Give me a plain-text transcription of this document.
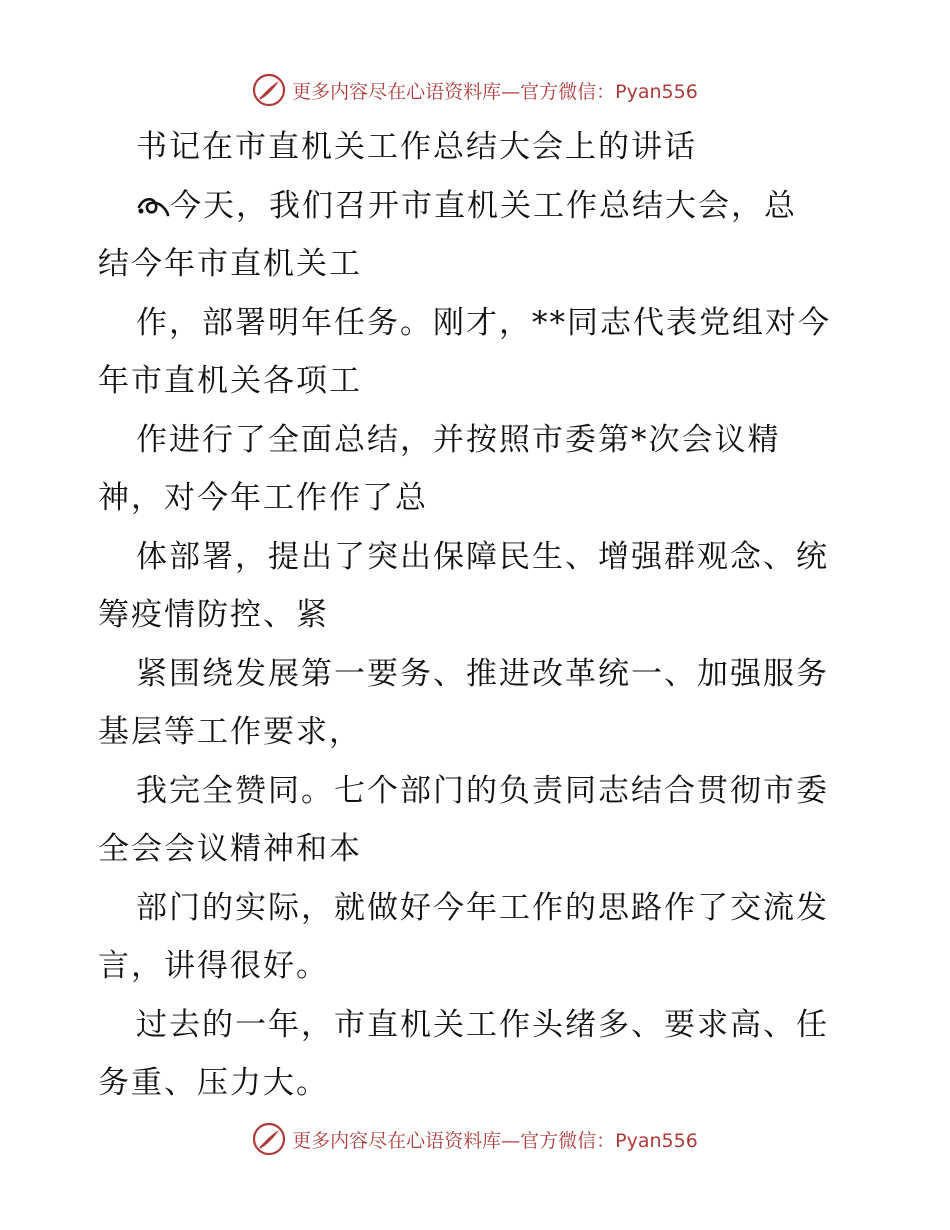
更多内容尽在心语资料库—官方微信：Pyan556
书记在市直机关工作总结大会上的讲话
今天，我们召开市直机关工作总结大会，总
结今年市直机关工
作，部署明年任务。刚才，**同志代表党组对今
年市直机关各项工
作进行了全面总结，并按照市委第*次会议精
神，对今年工作作了总
体部署，提出了突出保障民生、增强群观念、统
筹疫情防控、紧
紧围绕发展第一要务、推进改革统一、加强服务
基层等工作要求，
我完全赞同。七个部门的负责同志结合贯彻市委
全会会议精神和本
部门的实际，就做好今年工作的思路作了交流发
言，讲得很好。
过去的一年，市直机关工作头绪多、要求高、任
务重、压力大。
更多内容尽在心语资料库—官方微信：Pyan556
